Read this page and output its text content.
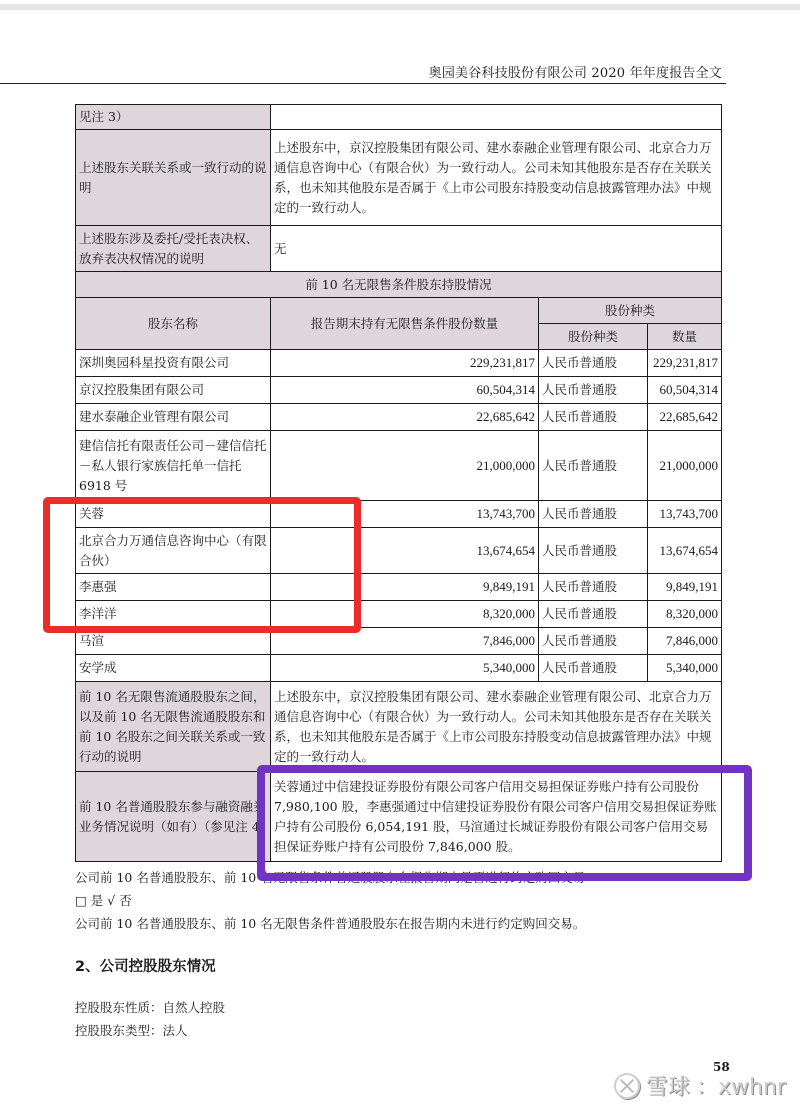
奥园美谷科技股份有限公司 2020 年年度报告全文
见注 3）			
上述股东关联关系或一致行动的说明	上述股东中，京汉控股集团有限公司、建水泰融企业管理有限公司、北京合力万通信息咨询中心（有限合伙）为一致行动人。公司未知其他股东是否存在关联关系，也未知其他股东是否属于《上市公司股东持股变动信息披露管理办法》中规定的一致行动人。		
上述股东涉及委托/受托表决权、放弃表决权情况的说明	无		
前 10 名无限售条件股东持股情况			
股东名称	报告期末持有无限售条件股份数量	股份种类	
		股份种类	数量
深圳奥园科星投资有限公司	229,231,817	人民币普通股	229,231,817
京汉控股集团有限公司	60,504,314	人民币普通股	60,504,314
建水泰融企业管理有限公司	22,685,642	人民币普通股	22,685,642
建信信托有限责任公司－建信信托－私人银行家族信托单一信托 6918 号	21,000,000	人民币普通股	21,000,000
关蓉	13,743,700	人民币普通股	13,743,700
北京合力万通信息咨询中心（有限合伙）	13,674,654	人民币普通股	13,674,654
李惠强	9,849,191	人民币普通股	9,849,191
李洋洋	8,320,000	人民币普通股	8,320,000
马渲	7,846,000	人民币普通股	7,846,000
安学成	5,340,000	人民币普通股	5,340,000
前 10 名无限售流通股股东之间，以及前 10 名无限售流通股股东和前 10 名股东之间关联关系或一致行动的说明	上述股东中，京汉控股集团有限公司、建水泰融企业管理有限公司、北京合力万通信息咨询中心（有限合伙）为一致行动人。公司未知其他股东是否存在关联关系，也未知其他股东是否属于《上市公司股东持股变动信息披露管理办法》中规定的一致行动人。		
前 10 名普通股股东参与融资融券业务情况说明（如有）（参见注 4）	关蓉通过中信建投证券股份有限公司客户信用交易担保证券账户持有公司股份 7,980,100 股，李惠强通过中信建投证券股份有限公司客户信用交易担保证券账户持有公司股份 6,054,191 股，马渲通过长城证券股份有限公司客户信用交易担保证券账户持有公司股份 7,846,000 股。		
公司前 10 名普通股股东、前 10 名无限售条件普通股股东在报告期内是否进行约定购回交易
□ 是 √ 否
公司前 10 名普通股股东、前 10 名无限售条件普通股股东在报告期内未进行约定购回交易。
2、公司控股股东情况
控股股东性质：自然人控股
控股股东类型：法人
58
雪球 ：xwhnr
